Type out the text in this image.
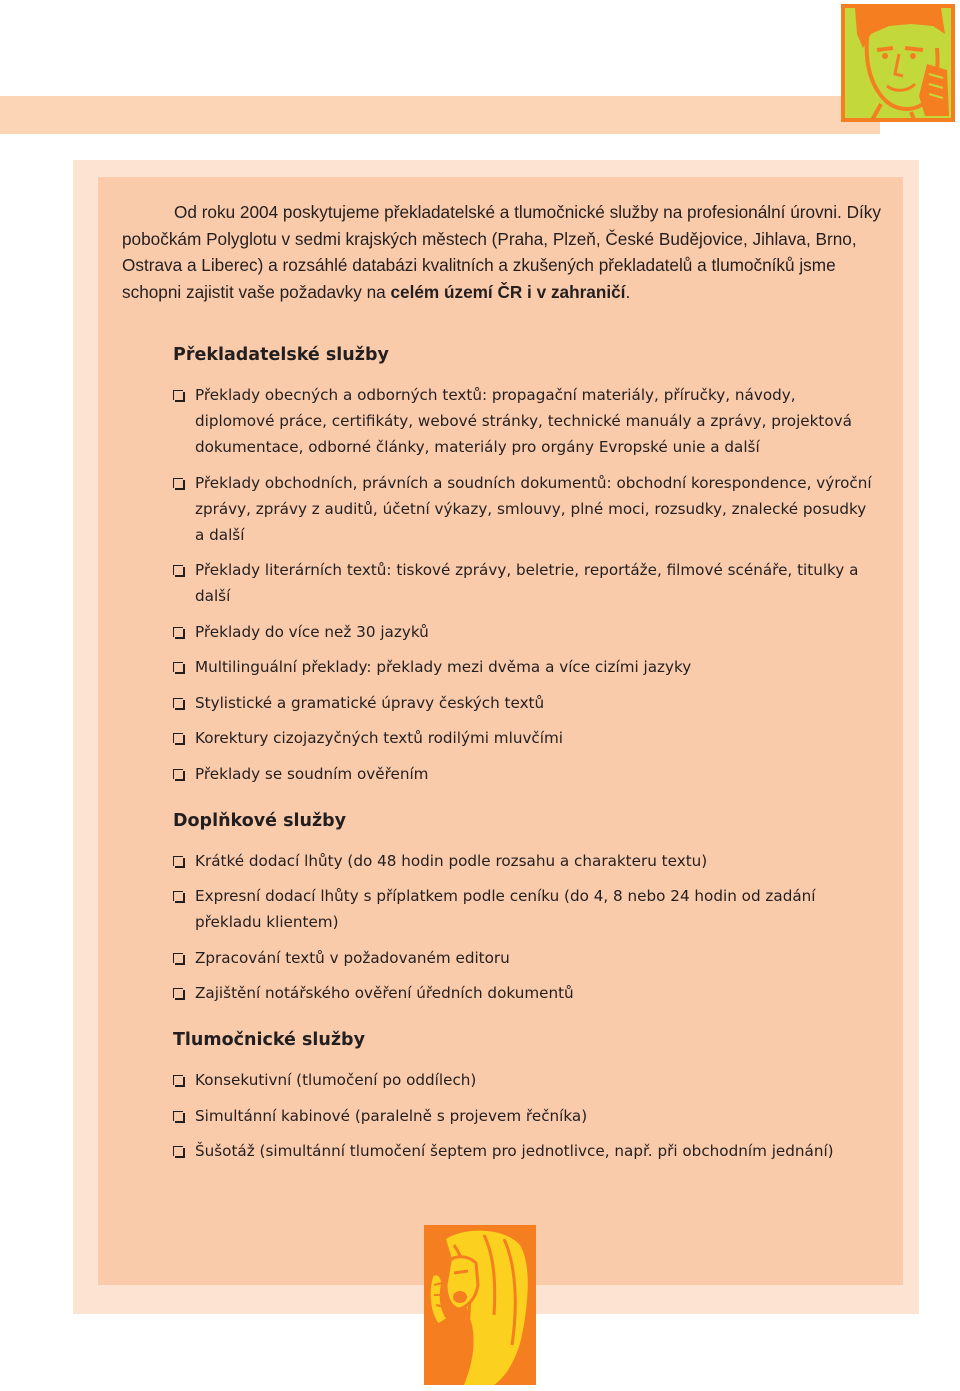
Od roku 2004 poskytujeme překladatelské a tlumočnické služby na profesionální úrovni. Díky pobočkám Polyglotu v sedmi krajských městech (Praha, Plzeň, České Budějovice, Jihlava, Brno, Ostrava a Liberec) a rozsáhlé databázi kvalitních a zkušených překladatelů a tlumočníků jsme schopni zajistit vaše požadavky na celém území ČR i v zahraničí.

Překladatelské služby
Překlady obecných a odborných textů: propagační materiály, příručky, návody, diplomové práce, certifikáty, webové stránky, technické manuály a zprávy, projektová dokumentace, odborné články, materiály pro orgány Evropské unie a další
Překlady obchodních, právních a soudních dokumentů: obchodní korespondence, výroční zprávy, zprávy z auditů, účetní výkazy, smlouvy, plné moci, rozsudky, znalecké posudky a další
Překlady literárních textů: tiskové zprávy, beletrie, reportáže, filmové scénáře, titulky a další
Překlady do více než 30 jazyků
Multilinguální překlady: překlady mezi dvěma a více cizími jazyky
Stylistické a gramatické úpravy českých textů
Korektury cizojazyčných textů rodilými mluvčími
Překlady se soudním ověřením
Doplňkové služby
Krátké dodací lhůty (do 48 hodin podle rozsahu a charakteru textu)
Expresní dodací lhůty s příplatkem podle ceníku (do 4, 8 nebo 24 hodin od zadání překladu klientem)
Zpracování textů v požadovaném editoru
Zajištění notářského ověření úředních dokumentů
Tlumočnické služby
Konsekutivní (tlumočení po oddílech)
Simultánní kabinové (paralelně s projevem řečníka)
Šušotáž (simultánní tlumočení šeptem pro jednotlivce, např. při obchodním jednání)
